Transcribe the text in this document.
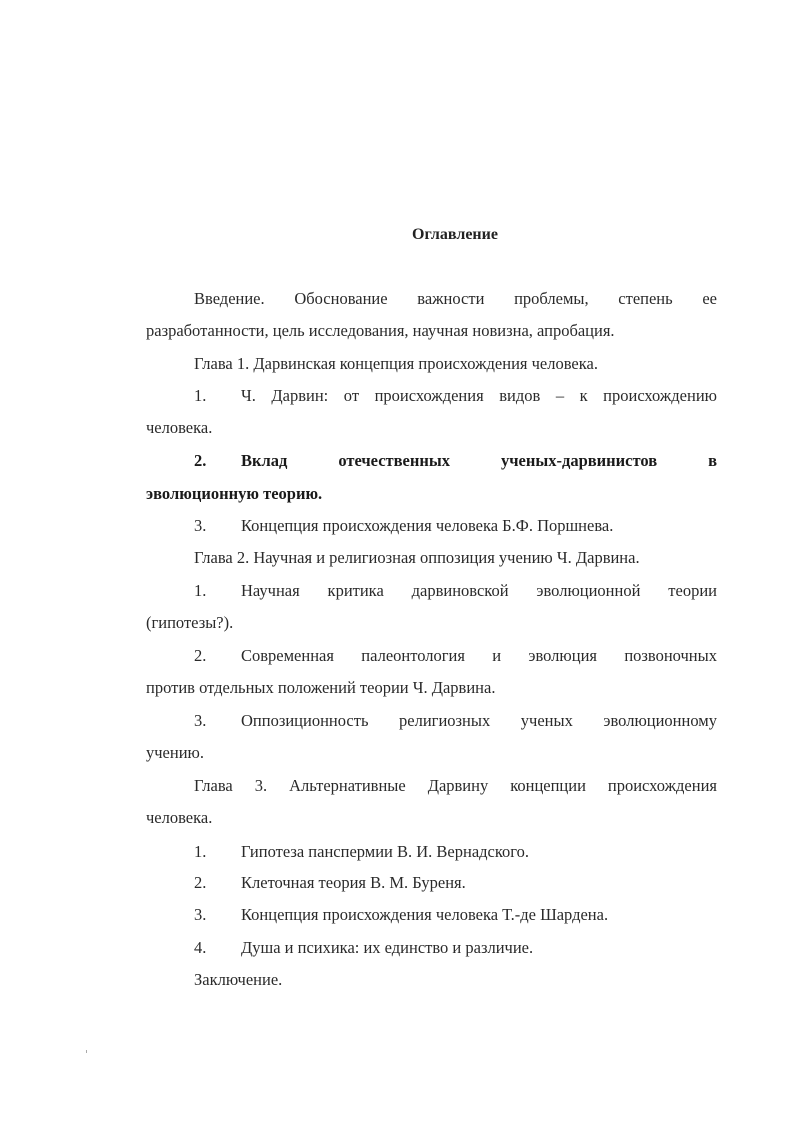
Оглавление
Введение. Обоснование важности проблемы, степень ее
разработанности, цель исследования, научная новизна, апробация.
Глава 1. Дарвинская концепция происхождения человека.
1.	Ч. Дарвин: от происхождения видов – к происхождению
человека.
2.	Вклад	отечественных	ученых-дарвинистов	в
эволюционную теорию.
3.	Концепция происхождения человека Б.Ф. Поршнева.
Глава 2. Научная и религиозная оппозиция учению Ч. Дарвина.
1.	Научная критика дарвиновской эволюционной теории
(гипотезы?).
2.	Современная палеонтология и эволюция позвоночных
против отдельных положений теории Ч. Дарвина.
3.	Оппозиционность религиозных ученых эволюционному
учению.
Глава 3. Альтернативные Дарвину концепции происхождения
человека.
1.	Гипотеза панспермии В. И. Вернадского.
2.	Клеточная теория В. М. Буреня.
3.	Концепция происхождения человека Т.-де Шардена.
4.	Душа и психика: их единство и различие.
Заключение.
